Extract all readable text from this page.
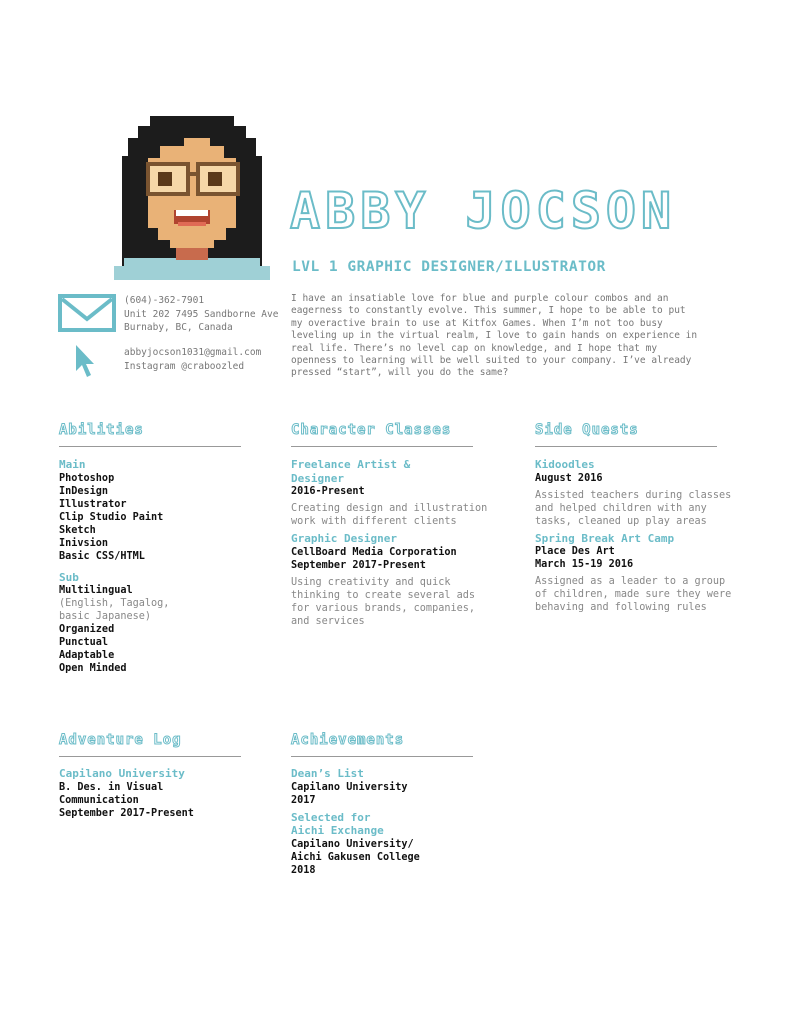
ABBY JOCSON
LVL 1 GRAPHIC DESIGNER/ILLUSTRATOR
(604)-362-7901
Unit 202 7495 Sandborne Ave
Burnaby, BC, Canada
abbyjocson1031@gmail.com
Instagram @craboozled
I have an insatiable love for blue and purple colour combos and an eagerness to constantly evolve. This summer, I hope to be able to put my overactive brain to use at Kitfox Games. When I’m not too busy leveling up in the virtual realm, I love to gain hands on experience in real life. There’s no level cap on knowledge, and I hope that my openness to learning will be well suited to your company. I’ve already pressed “start”, will you do the same?
Abilities	Character Classes	Side Quests
Adventure Log	Achievements
Main
Photoshop
InDesign
Illustrator
Clip Studio Paint
Sketch
Inivsion
Basic CSS/HTML
Sub
Multilingual
(English, Tagalog,
basic Japanese)
Organized
Punctual
Adaptable
Open Minded
Freelance Artist &
Designer
2016-Present
Creating design and illustration
work with different clients
Graphic Designer
CellBoard Media Corporation
September 2017-Present
Using creativity and quick
thinking to create several ads
for various brands, companies,
and services
Kidoodles
August 2016
Assisted teachers during classes
and helped children with any
tasks, cleaned up play areas
Spring Break Art Camp
Place Des Art
March 15-19 2016
Assigned as a leader to a group
of children, made sure they were
behaving and following rules
Capilano University
B. Des. in Visual
Communication
September 2017-Present
Dean’s List
Capilano University
2017
Selected for
Aichi Exchange
Capilano University/
Aichi Gakusen College
2018
